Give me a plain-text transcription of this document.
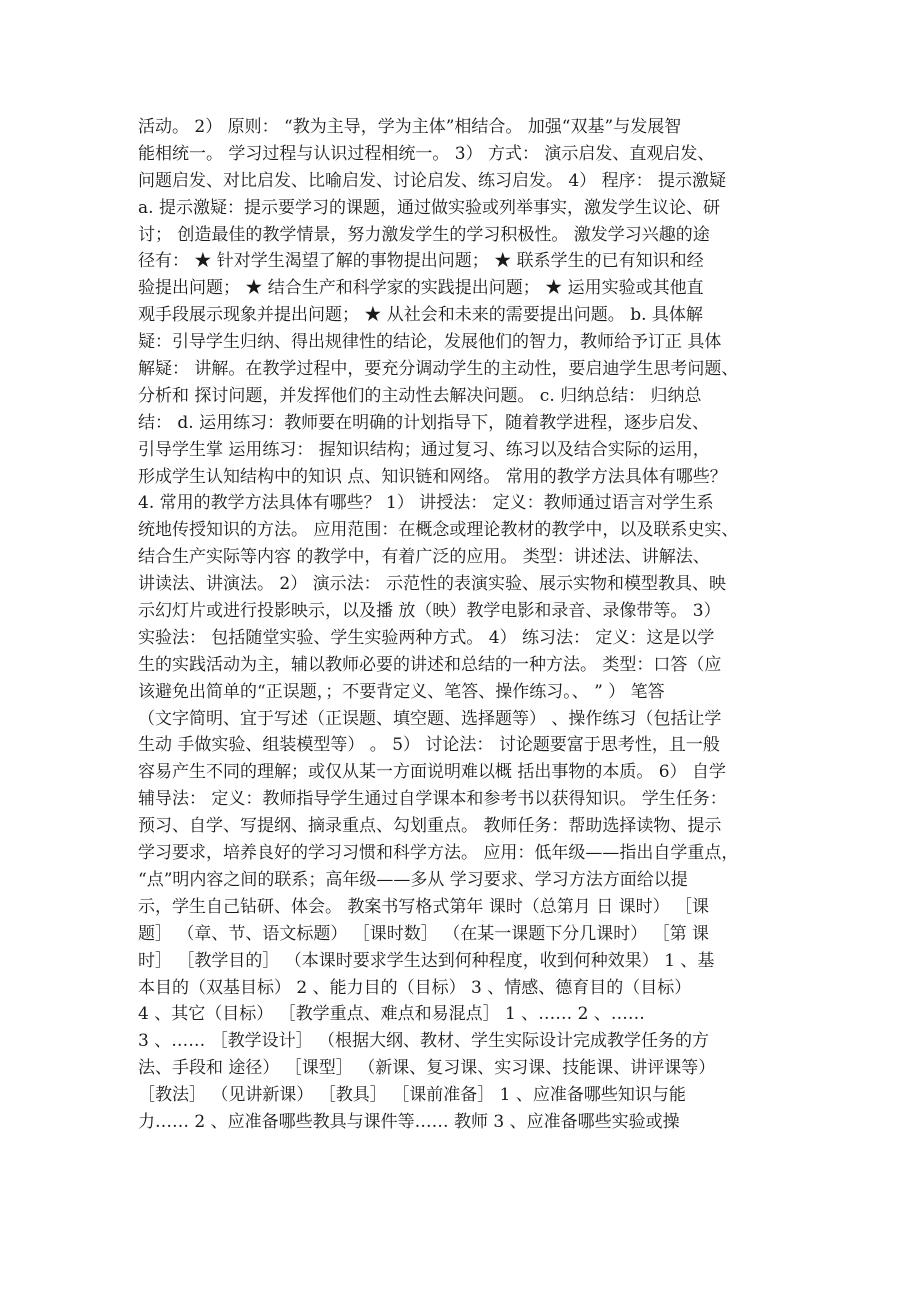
活动。 2） 原则： “教为主导，学为主体”相结合。 加强“双基”与发展智
能相统一。 学习过程与认识过程相统一。 3） 方式： 演示启发、直观启发、
问题启发、对比启发、比喻启发、讨论启发、练习启发。 4） 程序： 提示激疑
a. 提示激疑：提示要学习的课题，通过做实验或列举事实，激发学生议论、研
讨； 创造最佳的教学情景，努力激发学生的学习积极性。 激发学习兴趣的途
径有： ★ 针对学生渴望了解的事物提出问题； ★ 联系学生的已有知识和经
验提出问题； ★ 结合生产和科学家的实践提出问题； ★ 运用实验或其他直
观手段展示现象并提出问题； ★ 从社会和未来的需要提出问题。 b. 具体解
疑：引导学生归纳、得出规律性的结论，发展他们的智力，教师给予订正 具体
解疑： 讲解。在教学过程中，要充分调动学生的主动性，要启迪学生思考问题、
分析和 探讨问题，并发挥他们的主动性去解决问题。 c. 归纳总结： 归纳总
结： d. 运用练习：教师要在明确的计划指导下，随着教学进程，逐步启发、
引导学生掌 运用练习： 握知识结构；通过复习、练习以及结合实际的运用，
形成学生认知结构中的知识 点、知识链和网络。 常用的教学方法具体有哪些？
4. 常用的教学方法具体有哪些？ 1） 讲授法： 定义：教师通过语言对学生系
统地传授知识的方法。 应用范围：在概念或理论教材的教学中，以及联系史实、
结合生产实际等内容 的教学中，有着广泛的应用。 类型：讲述法、讲解法、
讲读法、讲演法。 2） 演示法： 示范性的表演实验、展示实物和模型教具、映
示幻灯片或进行投影映示，以及播 放（映）教学电影和录音、录像带等。 3）
实验法： 包括随堂实验、学生实验两种方式。 4） 练习法： 定义：这是以学
生的实践活动为主，辅以教师必要的讲述和总结的一种方法。 类型：口答（应
该避免出简单的“正误题，；不要背定义、笔答、操作练习。、 ” ） 笔答
（文字简明、宜于写述（正误题、填空题、选择题等） 、操作练习（包括让学
生动 手做实验、组装模型等） 。 5） 讨论法： 讨论题要富于思考性，且一般
容易产生不同的理解；或仅从某一方面说明难以概 括出事物的本质。 6） 自学
辅导法： 定义：教师指导学生通过自学课本和参考书以获得知识。 学生任务：
预习、自学、写提纲、摘录重点、勾划重点。 教师任务：帮助选择读物、提示
学习要求，培养良好的学习习惯和科学方法。 应用：低年级——指出自学重点，
“点”明内容之间的联系；高年级——多从 学习要求、学习方法方面给以提
示，学生自己钻研、体会。 教案书写格式第年 课时（总第月 日 课时） ［课
题］ （章、节、语文标题） ［课时数］ （在某一课题下分几课时） ［第 课
时］ ［教学目的］ （本课时要求学生达到何种程度，收到何种效果） 1 、基
本目的（双基目标） 2 、能力目的（目标） 3 、情感、德育目的（目标）
4 、其它（目标） ［教学重点、难点和易混点］ 1 、…… 2 、……
3 、…… ［教学设计］ （根据大纲、教材、学生实际设计完成教学任务的方
法、手段和 途径） ［课型］ （新课、复习课、实习课、技能课、讲评课等）
［教法］ （见讲新课） ［教具］ ［课前准备］ 1 、应准备哪些知识与能
力…… 2 、应准备哪些教具与课件等…… 教师 3 、应准备哪些实验或操
